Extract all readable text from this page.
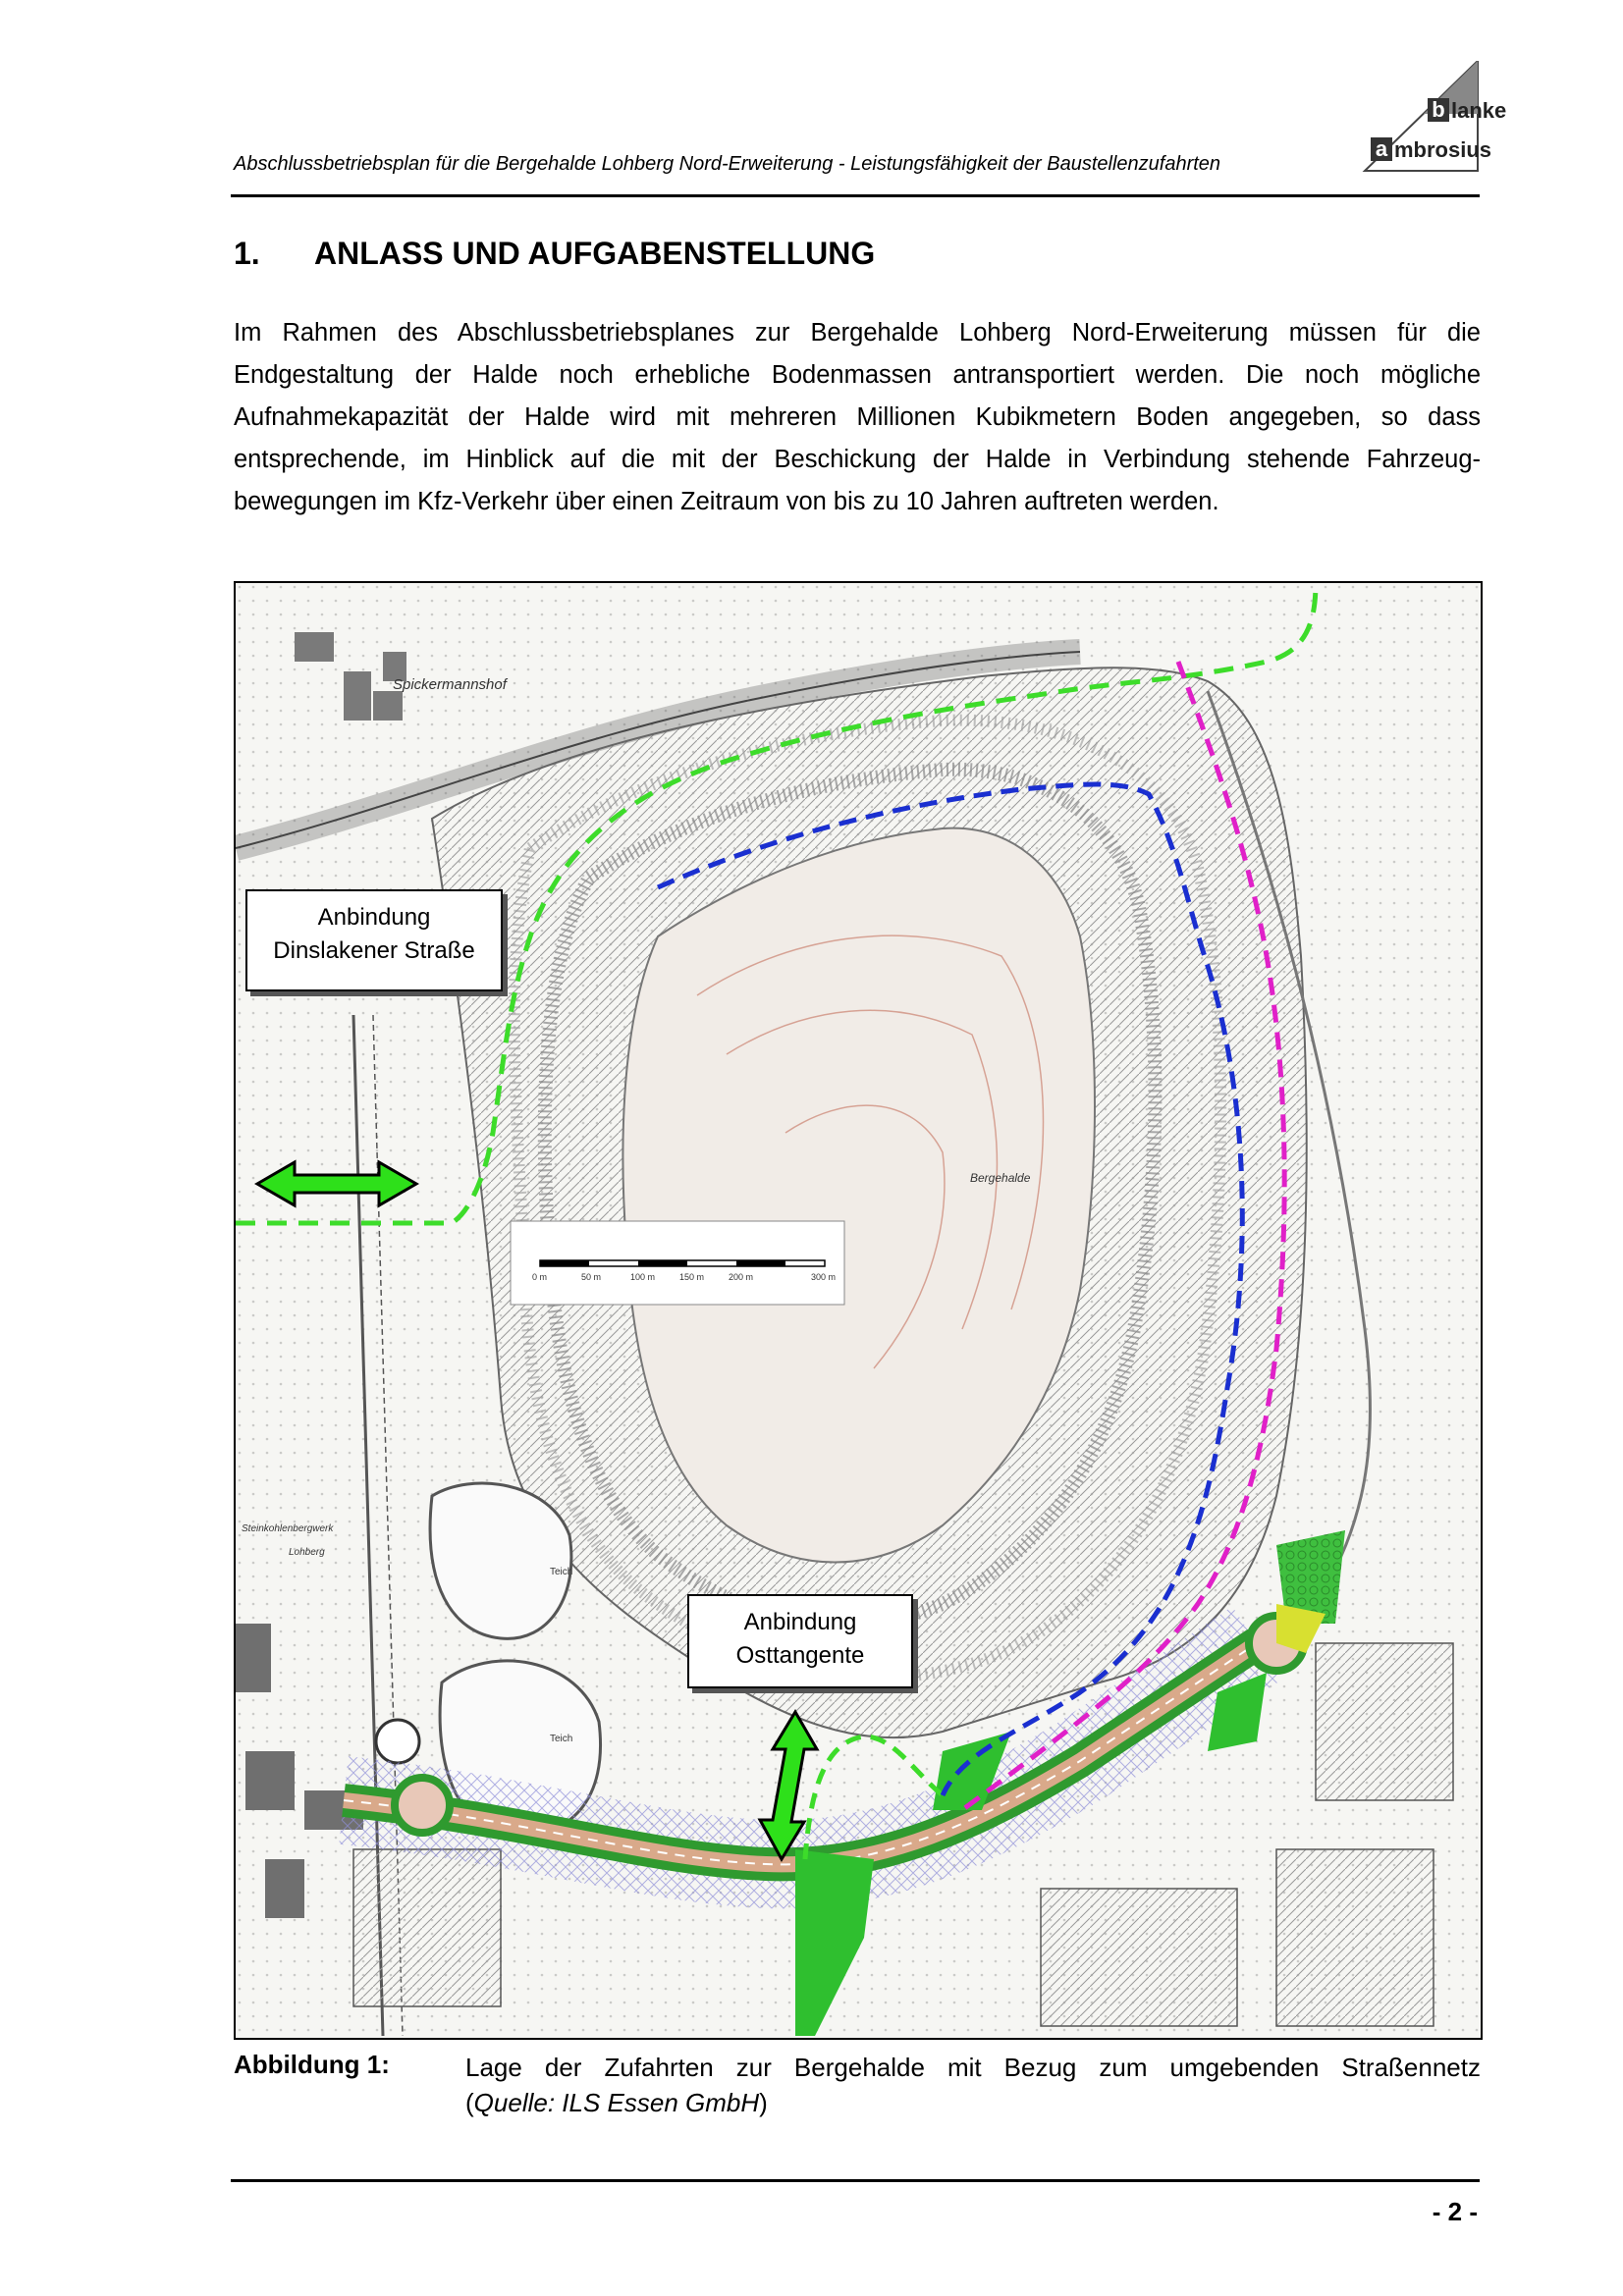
Abschlussbetriebsplan für die Bergehalde Lohberg Nord-Erweiterung - Leistungsfähigkeit der Baustellenzufahrten
b lanke
a mbrosius
1. ANLASS UND AUFGABENSTELLUNG
Im Rahmen des Abschlussbetriebsplanes zur Bergehalde Lohberg Nord-Erweiterung müssen für die Endgestaltung der Halde noch erhebliche Bodenmassen antransportiert werden. Die noch mögliche Aufnahmekapazität der Halde wird mit mehreren Millionen Kubikmetern Boden angegeben, so dass entsprechende, im Hinblick auf die mit der Beschickung der Halde in Verbindung stehende Fahrzeug-bewegungen im Kfz-Verkehr über einen Zeitraum von bis zu 10 Jahren auftreten werden.
0 m	50 m	100 m	150 m	200 m	300 m
Spickermannshof
Bergehalde
Teich
Teich
Steinkohlenbergwerk
Lohberg
Anbindung
Dinslakener Straße
Anbindung
Osttangente
Abbildung 1:	Lage der Zufahrten zur Bergehalde mit Bezug zum umgebenden Straßennetz
(Quelle: ILS Essen GmbH)
- 2 -
